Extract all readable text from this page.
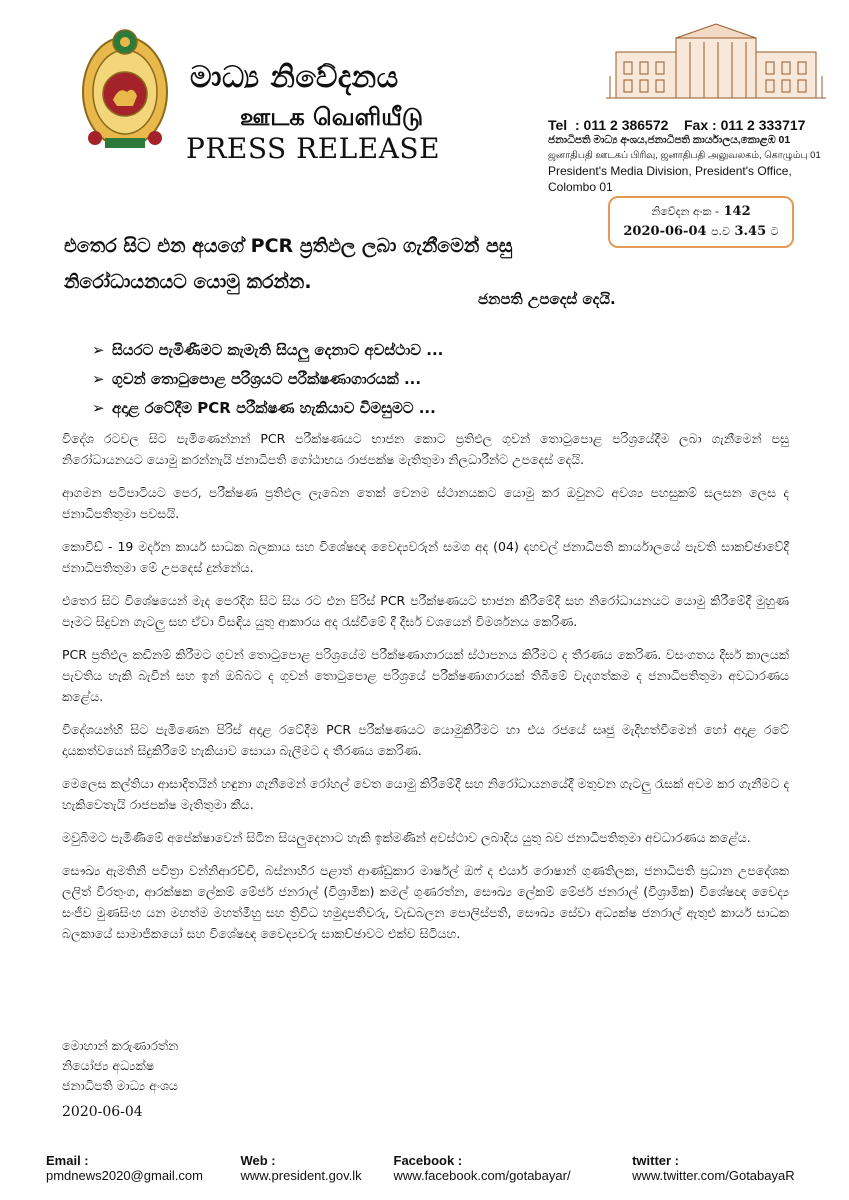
මාධ්‍ය නිවේදනය
ஊடக வெளியீடு
PRESS RELEASE
Tel  : 011 2 386572 Fax : 011 2 333717
ජනාධිපති මාධ්‍ය අංශය,ජනාධිපති කාර්යාලය,කොළඹ 01
ஜனாதிபதி ஊடகப் பிரிவு, ஜனாதிபதி அலுவலகம், கொழும்பு 01
President's Media Division, President's Office, Colombo 01
නිවේදන අංක - 142
2020-06-04 ප.ව 3.45 ට
එතෙර සිට එන අයගේ PCR ප්‍රතිඵල ලබා ගැනීමෙන් පසු
නිරෝධායනයට යොමු කරන්න.
ජනපති උපදෙස් දෙයි.
➢ සියරට පැමිණීමට කැමැති සියලු දෙනාට අවස්ථාව ...
➢ ගුවන් තොටුපොළ පරිශ්‍රයට පරීක්ෂණාගාරයක් ...
➢ අදාළ රටේදීම PCR පරීක්ෂණ හැකියාව විමසුමට ...

විදේශ රටවල සිට පැමිණෙන්නන් PCR පරීක්ෂණයට භාජන කොට ප්‍රතිඵල ගුවන් තොටුපොළ පරිශ්‍රයේදීම ලබා ගැනීමෙන් පසු නිරෝධායනයට යොමු කරන්නැයි ජනාධිපති ගෝඨාභය රාජපක්ෂ මැතිතුමා නිලධාරීන්ට උපදෙස් දෙයි.

ආගමන පටිපාටියට පෙර, පරීක්ෂණ ප්‍රතිඵල ලැබෙන තෙක් වෙනම ස්ථානයකට යොමු කර ඔවුනට අවශ්‍ය පහසුකම් සලසන ලෙස ද ජනාධිපතිතුමා පවසයි.

කොවිඩ් - 19 මර්දන කාර්ය සාධක බලකාය සහ විශේෂඥ වෛද්‍යවරුන් සමග අද (04) දහවල් ජනාධිපති කාර්යාලයේ පැවති සාකච්ඡාවේදී ජනාධිපතිතුමා මේ උපදෙස් දුන්නේය.

එතෙර සිට විශේෂයෙන් මැද පෙරදිග සිට සිය රට එන පිරිස් PCR පරීක්ෂණයට භාජන කිරීමේදී සහ නිරෝධායනයට යොමු කිරීමේදී මුහුණ පෑමට සිදුවන ගැටලු සහ ඒවා විසඳිය යුතු ආකාරය අද රැස්වීමේ දී දීර්ඝ වශයෙන් විමර්ශනය කෙරිණ.

PCR ප්‍රතිඵල කඩිනම් කිරීමට ගුවන් තොටුපොළ පරිශ්‍රයේම පරීක්ෂණාගාරයක් ස්ථාපනය කිරීමට ද තීරණය කෙරිණ. වසංගතය දීර්ඝ කාලයක් පැවතිය හැකි බැවින් සහ ඉන් ඔබ්බට ද ගුවන් තොටුපොළ පරිශ්‍රයේ පරීක්ෂණාගාරයක් තිබීමේ වැදගත්කම ද ජනාධිපතිතුමා අවධාරණය කළේය.

විදේශයන්හි සිට පැමිණෙන පිරිස් අදාළ රටේදීම PCR පරීක්ෂණයට යොමුකිරීමට හා එය රජයේ සෘජු මැදිහත්වීමෙන් හෝ අදාළ රටේ දායකත්වයෙන් සිදුකිරීමේ හැකියාව සොයා බැලීමට ද තීරණය කෙරිණ.

මෙලෙස කල්තියා ආසාදිතයින් හඳුනා ගැනීමෙන් රෝහල් වෙත යොමු කිරීමේදී සහ නිරෝධායනයේදී මතුවන ගැටලු රැසක් අවම කර ගැනීමට ද හැකිවෙතැයි රාජපක්ෂ මැතිතුමා කීය.

මවුබිමට පැමිණීමේ අපේක්ෂාවෙන් සිටින සියලුදෙනාට හැකි ඉක්මණින් අවස්ථාව ලබාදිය යුතු බව ජනාධිපතිතුමා අවධාරණය කළේය.

සෞඛ්‍ය ඇමතිනි පවිත්‍රා වන්නිආරච්චි, බස්නාහිර පළාත් ආණ්ඩුකාර මාර්ෂල් ඔෆ් ද එයාර් රොෂාන් ගුණතිලක, ජනාධිපති ප්‍රධාන උපදේශක ලලිත් වීරතුංග, ආරක්ෂක ලේකම් මේජර් ජනරාල් (විශ්‍රාමික) කමල් ගුණරත්න, සෞඛ්‍ය ලේකම් මේජර් ජනරාල් (විශ්‍රාමික) විශේෂඥ වෛද්‍ය සංජීව මුණසිංහ යන මහත්ම මහත්මීහු සහ ත්‍රිවිධ හමුදාපතිවරු, වැඩබලන පොලිස්පති, සෞඛ්‍ය සේවා අධ්‍යක්ෂ ජනරාල් ඇතුළු කාර්ය සාධක බලකායේ සාමාජිකයෝ සහ විශේෂඥ වෛද්‍යවරු සාකච්ඡාවට එක්ව සිටියහ.

මොහාන් කරුණාරත්න
නියෝජ්‍ය අධ්‍යක්ෂ
ජනාධිපති මාධ්‍ය අංශය
2020-06-04
Email : pmdnews2020@gmail.com
Web : www.president.gov.lk
Facebook : www.facebook.com/gotabayar/
twitter : www.twitter.com/GotabayaR
